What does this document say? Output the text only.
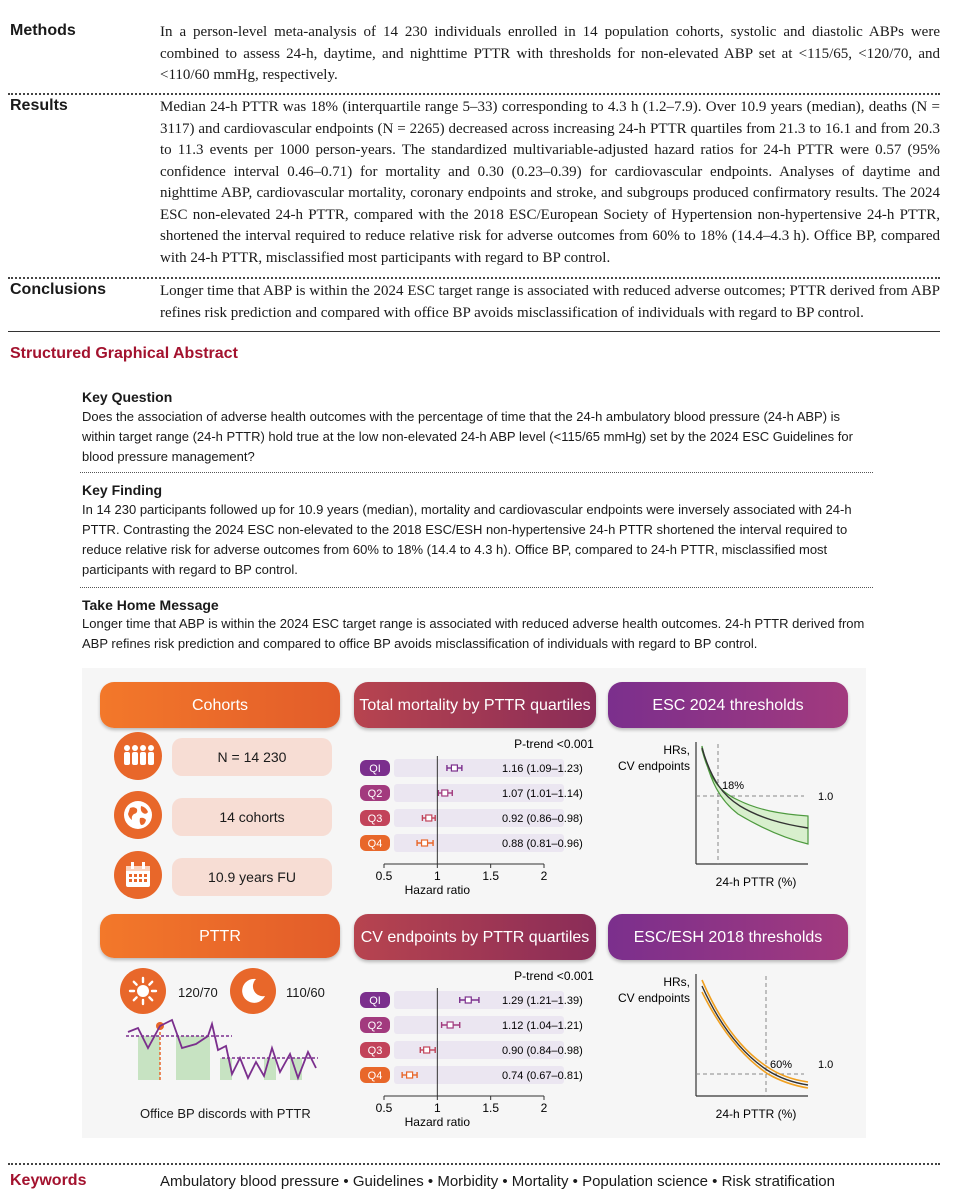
Methods	In a person-level meta-analysis of 14 230 individuals enrolled in 14 population cohorts, systolic and diastolic ABPs were combined to assess 24-h, daytime, and nighttime PTTR with thresholds for non-elevated ABP set at <115/65, <120/70, and <110/60 mmHg, respectively.
Results	Median 24-h PTTR was 18% (interquartile range 5–33) corresponding to 4.3 h (1.2–7.9). Over 10.9 years (median), deaths (N = 3117) and cardiovascular endpoints (N = 2265) decreased across increasing 24-h PTTR quartiles from 21.3 to 16.1 and from 20.3 to 11.3 events per 1000 person-years. The standardized multivariable-adjusted hazard ratios for 24-h PTTR were 0.57 (95% confidence interval 0.46–0.71) for mortality and 0.30 (0.23–0.39) for cardiovascular endpoints. Analyses of daytime and nighttime ABP, cardiovascular mortality, coronary endpoints and stroke, and subgroups produced confirmatory results. The 2024 ESC non-elevated 24-h PTTR, compared with the 2018 ESC/European Society of Hypertension non-hypertensive 24-h PTTR, shortened the interval required to reduce relative risk for adverse outcomes from 60% to 18% (14.4–4.3 h). Office BP, compared with 24-h PTTR, misclassified most participants with regard to BP control.
Conclusions	Longer time that ABP is within the 2024 ESC target range is associated with reduced adverse outcomes; PTTR derived from ABP refines risk prediction and compared with office BP avoids misclassification of individuals with regard to BP control.
Structured Graphical Abstract
Key Question
Does the association of adverse health outcomes with the percentage of time that the 24-h ambulatory blood pressure (24-h ABP) is within target range (24-h PTTR) hold true at the low non-elevated 24-h ABP level (<115/65 mmHg) set by the 2024 ESC Guidelines for blood pressure management?
Key Finding
In 14 230 participants followed up for 10.9 years (median), mortality and cardiovascular endpoints were inversely associated with 24-h PTTR. Contrasting the 2024 ESC non-elevated to the 2018 ESC/ESH non-hypertensive 24-h PTTR shortened the interval required to reduce relative risk for adverse outcomes from 60% to 18% (14.4 to 4.3 h). Office BP, compared to 24-h PTTR, misclassified most participants with regard to BP control.
Take Home Message
Longer time that ABP is within the 2024 ESC target range is associated with reduced adverse health outcomes. 24-h PTTR derived from ABP refines risk prediction and compared to office BP avoids misclassification of individuals with regard to BP control.
Cohorts
N = 14 230
14 cohorts
10.9 years FU
PTTR
120/70	110/60
Office BP discords with PTTR
Total mortality by PTTR quartiles
P-trend <0.001
QI	1.16 (1.09–1.23)
Q2	1.07 (1.01–1.14)
Q3	0.92 (0.86–0.98)
Q4	0.88 (0.81–0.96)
0.5	1	1.5	2
Hazard ratio
CV endpoints by PTTR quartiles
P-trend <0.001
QI	1.29 (1.21–1.39)
Q2	1.12 (1.04–1.21)
Q3	0.90 (0.84–0.98)
Q4	0.74 (0.67–0.81)
0.5	1	1.5	2
Hazard ratio
ESC 2024 thresholds
HRs,
CV endpoints
18%
1.0
24-h PTTR (%)
ESC/ESH 2018 thresholds
HRs,
CV endpoints
60% 1.0
24-h PTTR (%)
Keywords	Ambulatory blood pressure • Guidelines • Morbidity • Mortality • Population science • Risk stratification
